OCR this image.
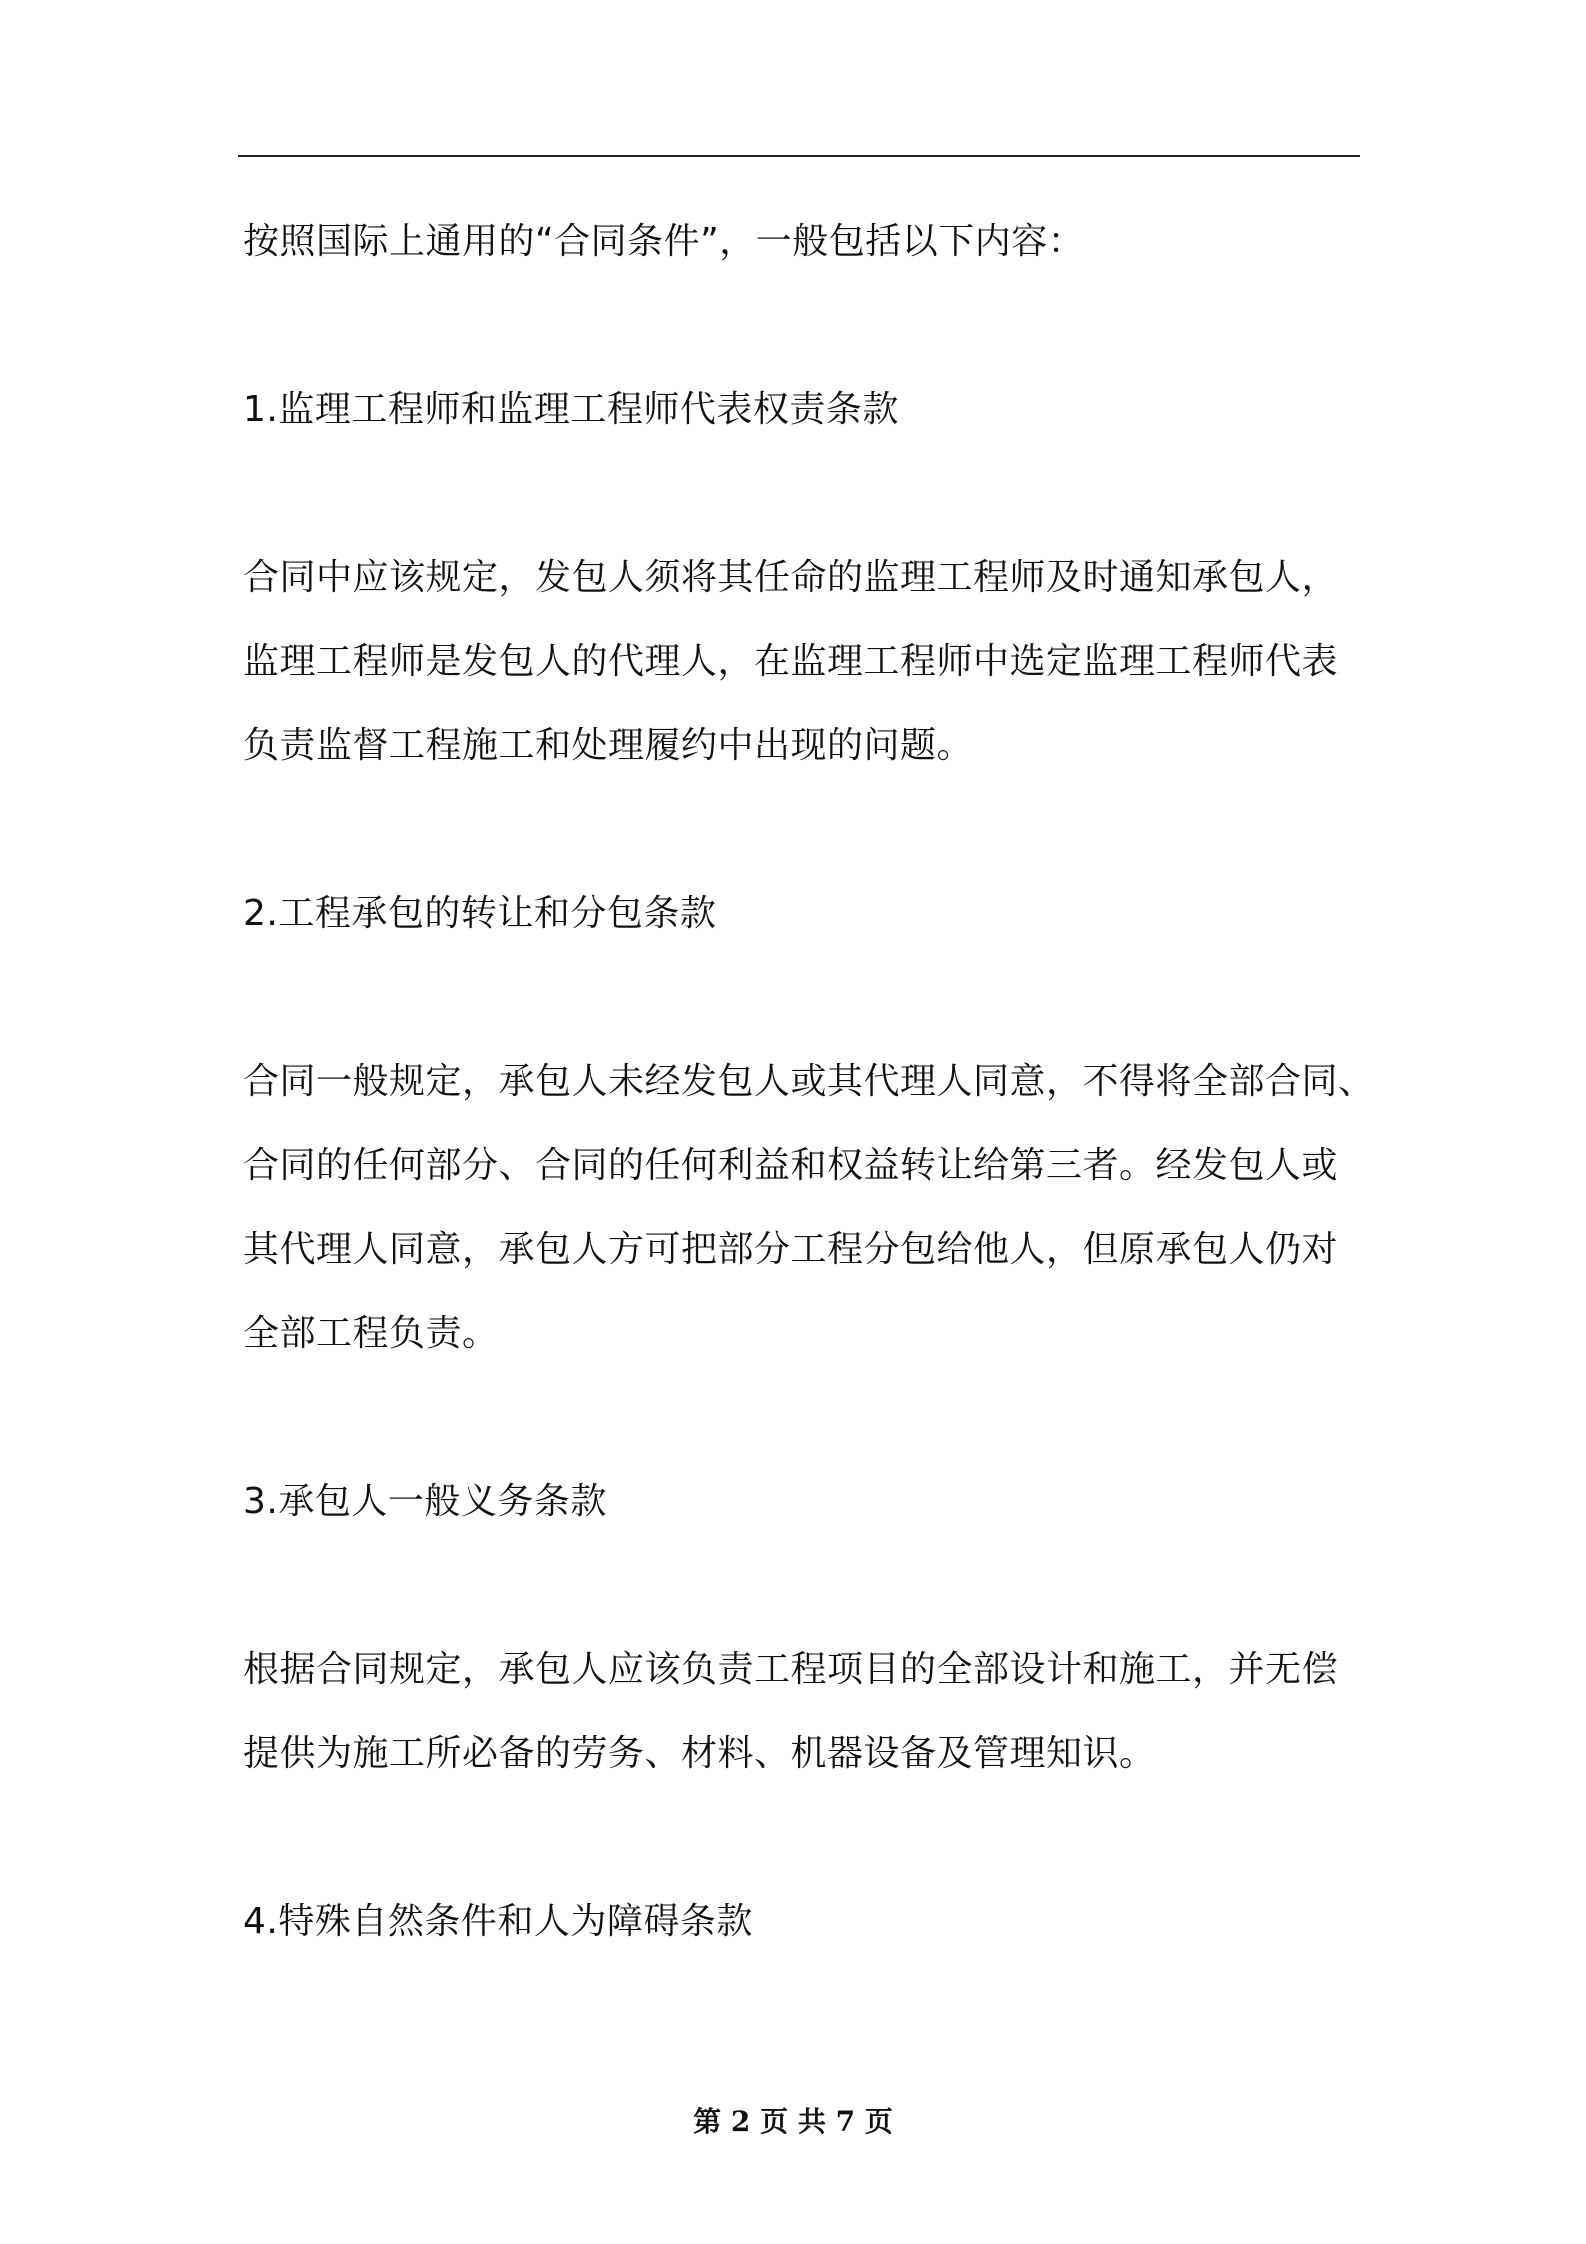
按照国际上通用的“合同条件”，一般包括以下内容：

1.监理工程师和监理工程师代表权责条款

合同中应该规定，发包人须将其任命的监理工程师及时通知承包人，

监理工程师是发包人的代理人，在监理工程师中选定监理工程师代表

负责监督工程施工和处理履约中出现的问题。

2.工程承包的转让和分包条款

合同一般规定，承包人未经发包人或其代理人同意，不得将全部合同、

合同的任何部分、合同的任何利益和权益转让给第三者。经发包人或

其代理人同意，承包人方可把部分工程分包给他人，但原承包人仍对

全部工程负责。

3.承包人一般义务条款

根据合同规定，承包人应该负责工程项目的全部设计和施工，并无偿

提供为施工所必备的劳务、材料、机器设备及管理知识。

4.特殊自然条件和人为障碍条款

第 2 页 共 7 页
